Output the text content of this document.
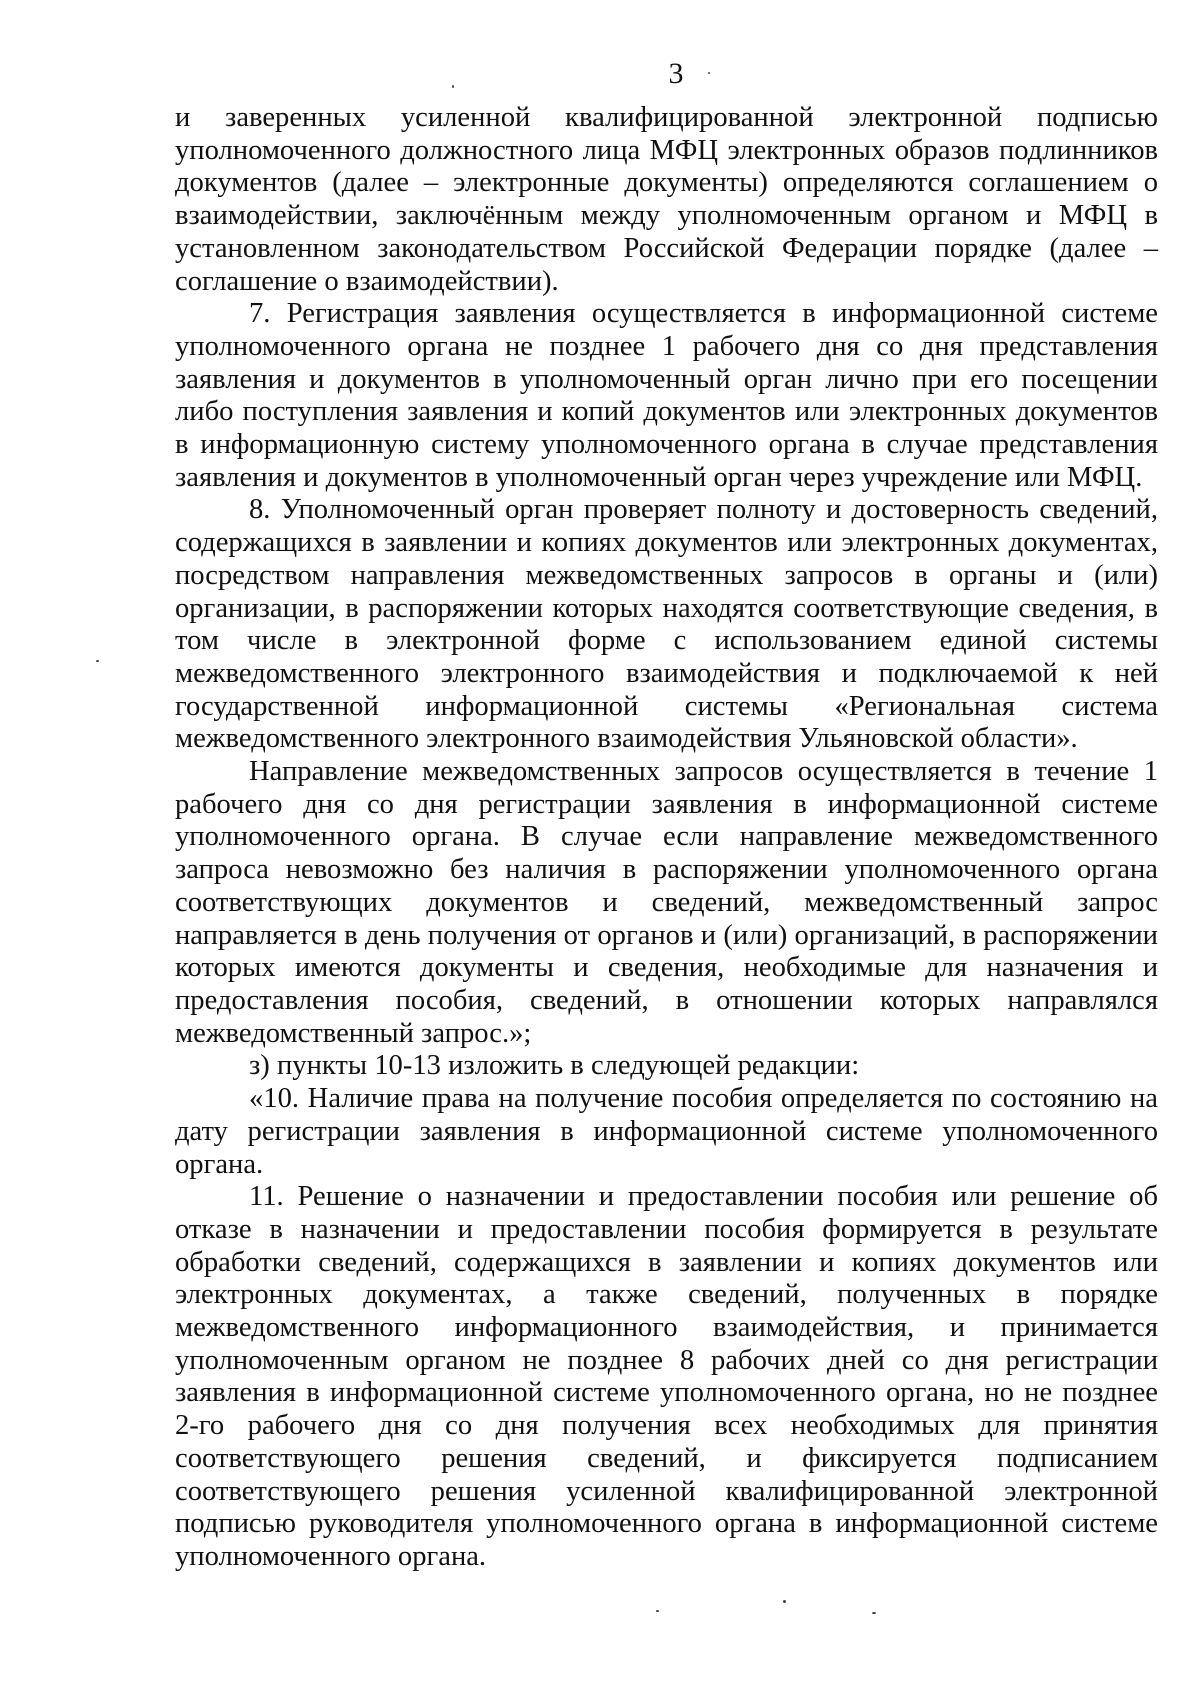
3

и заверенных усиленной квалифицированной электронной подписью уполномоченного должностного лица МФЦ электронных образов подлинников документов (далее – электронные документы) определяются соглашением о взаимодействии, заключённым между уполномоченным органом и МФЦ в установленном законодательством Российской Федерации порядке (далее – соглашение о взаимодействии).

7. Регистрация заявления осуществляется в информационной системе уполномоченного органа не позднее 1 рабочего дня со дня представления заявления и документов в уполномоченный орган лично при его посещении либо поступления заявления и копий документов или электронных документов в информационную систему уполномоченного органа в случае представления заявления и документов в уполномоченный орган через учреждение или МФЦ.

8. Уполномоченный орган проверяет полноту и достоверность сведений, содержащихся в заявлении и копиях документов или электронных документах, посредством направления межведомственных запросов в органы и (или) организации, в распоряжении которых находятся соответствующие сведения, в том числе в электронной форме с использованием единой системы межведомственного электронного взаимодействия и подключаемой к ней государственной информационной системы «Региональная система межведомственного электронного взаимодействия Ульяновской области».

Направление межведомственных запросов осуществляется в течение 1 рабочего дня со дня регистрации заявления в информационной системе уполномоченного органа. В случае если направление межведомственного запроса невозможно без наличия в распоряжении уполномоченного органа соответствующих документов и сведений, межведомственный запрос направляется в день получения от органов и (или) организаций, в распоряжении которых имеются документы и сведения, необходимые для назначения и предоставления пособия, сведений, в отношении которых направлялся межведомственный запрос.»;

з) пункты 10-13 изложить в следующей редакции:

«10. Наличие права на получение пособия определяется по состоянию на дату регистрации заявления в информационной системе уполномоченного органа.

11. Решение о назначении и предоставлении пособия или решение об отказе в назначении и предоставлении пособия формируется в результате обработки сведений, содержащихся в заявлении и копиях документов или электронных документах, а также сведений, полученных в порядке межведомственного информационного взаимодействия, и принимается уполномоченным органом не позднее 8 рабочих дней со дня регистрации заявления в информационной системе уполномоченного органа, но не позднее 2-го рабочего дня со дня получения всех необходимых для принятия соответствующего решения сведений, и фиксируется подписанием соответствующего решения усиленной квалифицированной электронной подписью руководителя уполномоченного органа в информационной системе уполномоченного органа.
